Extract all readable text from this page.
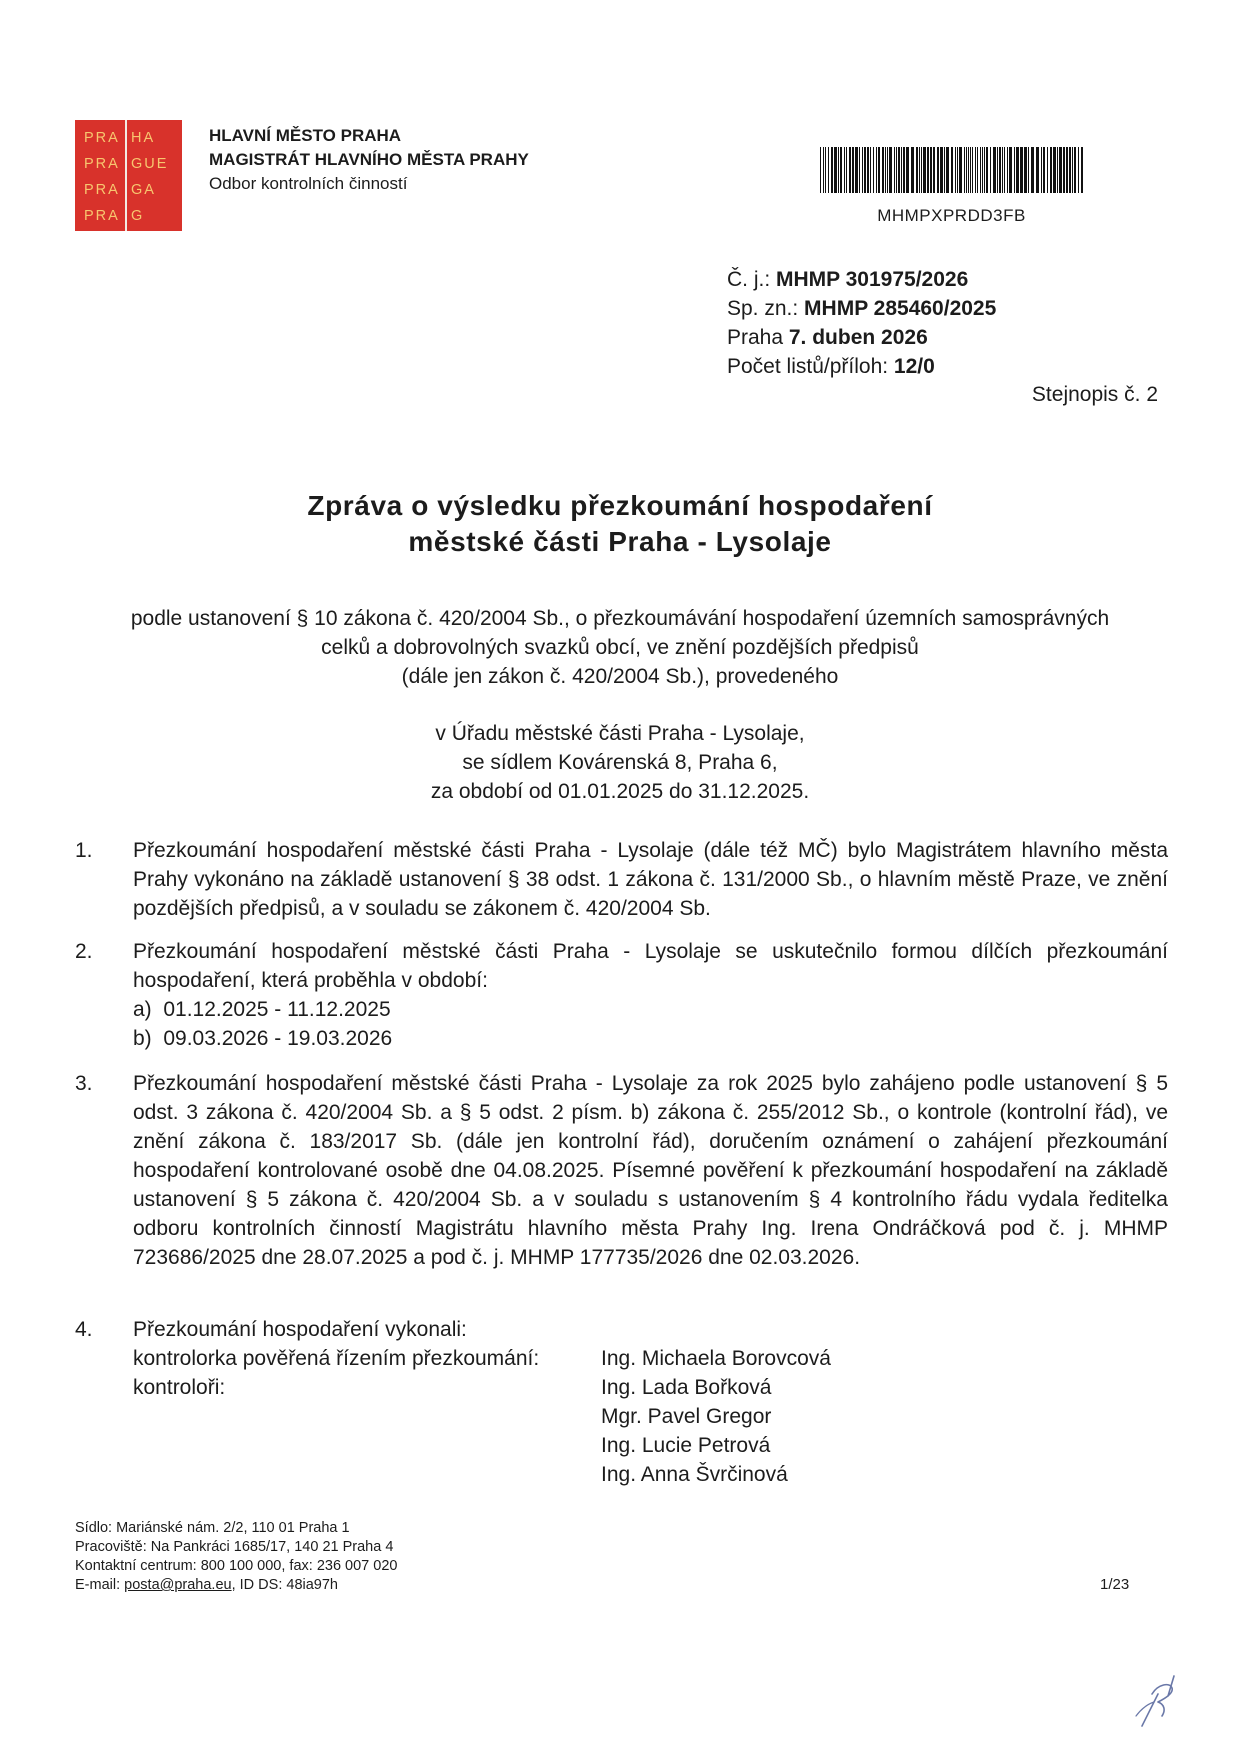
PRA HA
PRA GUE
PRA GA
PRA G
HLAVNÍ MĚSTO PRAHA
MAGISTRÁT HLAVNÍHO MĚSTA PRAHY
Odbor kontrolních činností
MHMPXPRDD3FB
Č. j.: MHMP 301975/2026
Sp. zn.: MHMP 285460/2025
Praha 7. duben 2026
Počet listů/příloh: 12/0
Stejnopis č. 2
Zpráva o výsledku přezkoumání hospodaření
městské části Praha - Lysolaje
podle ustanovení § 10 zákona č. 420/2004 Sb., o přezkoumávání hospodaření územních samosprávných
celků a dobrovolných svazků obcí, ve znění pozdějších předpisů
(dále jen zákon č. 420/2004 Sb.), provedeného
v Úřadu městské části Praha - Lysolaje,
se sídlem Kovárenská 8, Praha 6,
za období od 01.01.2025 do 31.12.2025.
1. Přezkoumání hospodaření městské části Praha - Lysolaje (dále též MČ) bylo Magistrátem hlavního města Prahy vykonáno na základě ustanovení § 38 odst. 1 zákona č. 131/2000 Sb., o hlavním městě Praze, ve znění pozdějších předpisů, a v souladu se zákonem č. 420/2004 Sb.
2. Přezkoumání hospodaření městské části Praha - Lysolaje se uskutečnilo formou dílčích přezkoumání hospodaření, která proběhla v období:
a)  01.12.2025 - 11.12.2025
b)  09.03.2026 - 19.03.2026
3. Přezkoumání hospodaření městské části Praha - Lysolaje za rok 2025 bylo zahájeno podle ustanovení § 5 odst. 3 zákona č. 420/2004 Sb. a § 5 odst. 2 písm. b) zákona č. 255/2012 Sb., o kontrole (kontrolní řád), ve znění zákona č. 183/2017 Sb. (dále jen kontrolní řád), doručením oznámení o zahájení přezkoumání hospodaření kontrolované osobě dne 04.08.2025. Písemné pověření k přezkoumání hospodaření na základě ustanovení § 5 zákona č. 420/2004 Sb. a v souladu s ustanovením § 4 kontrolního řádu vydala ředitelka odboru kontrolních činností Magistrátu hlavního města Prahy Ing. Irena Ondráčková pod č. j. MHMP 723686/2025 dne 28.07.2025 a pod č. j. MHMP 177735/2026 dne 02.03.2026.
4. Přezkoumání hospodaření vykonali:
kontrolorka pověřená řízením přezkoumání:	Ing. Michaela Borovcová
kontroloři:	Ing. Lada Bořková
Mgr. Pavel Gregor
Ing. Lucie Petrová
Ing. Anna Švrčinová
Sídlo: Mariánské nám. 2/2, 110 01 Praha 1
Pracoviště: Na Pankráci 1685/17, 140 21 Praha 4
Kontaktní centrum: 800 100 000, fax: 236 007 020
E-mail: posta@praha.eu, ID DS: 48ia97h	1/23
